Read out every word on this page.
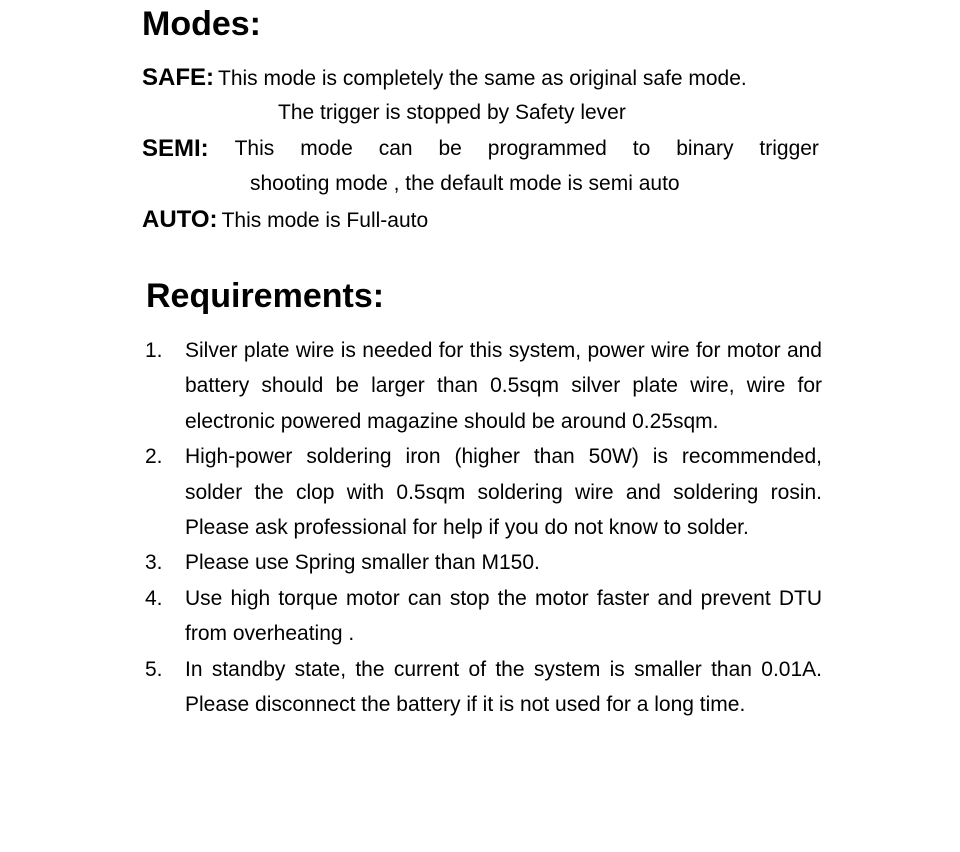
Modes:
SAFE: This mode is completely the same as original safe mode.
The trigger is stopped by Safety lever
SEMI: This mode can be programmed to binary trigger
shooting mode , the default mode is semi auto
AUTO: This mode is Full-auto
Requirements:
1. Silver plate wire is needed for this system, power wire for motor and battery should be larger than 0.5sqm silver plate wire, wire for electronic powered magazine should be around 0.25sqm.
2. High-power soldering iron (higher than 50W) is recommended, solder the clop with 0.5sqm soldering wire and soldering rosin. Please ask professional for help if you do not know to solder.
3. Please use Spring smaller than M150.
4. Use high torque motor can stop the motor faster and prevent DTU from overheating .
5. In standby state, the current of the system is smaller than 0.01A. Please disconnect the battery if it is not used for a long time.
